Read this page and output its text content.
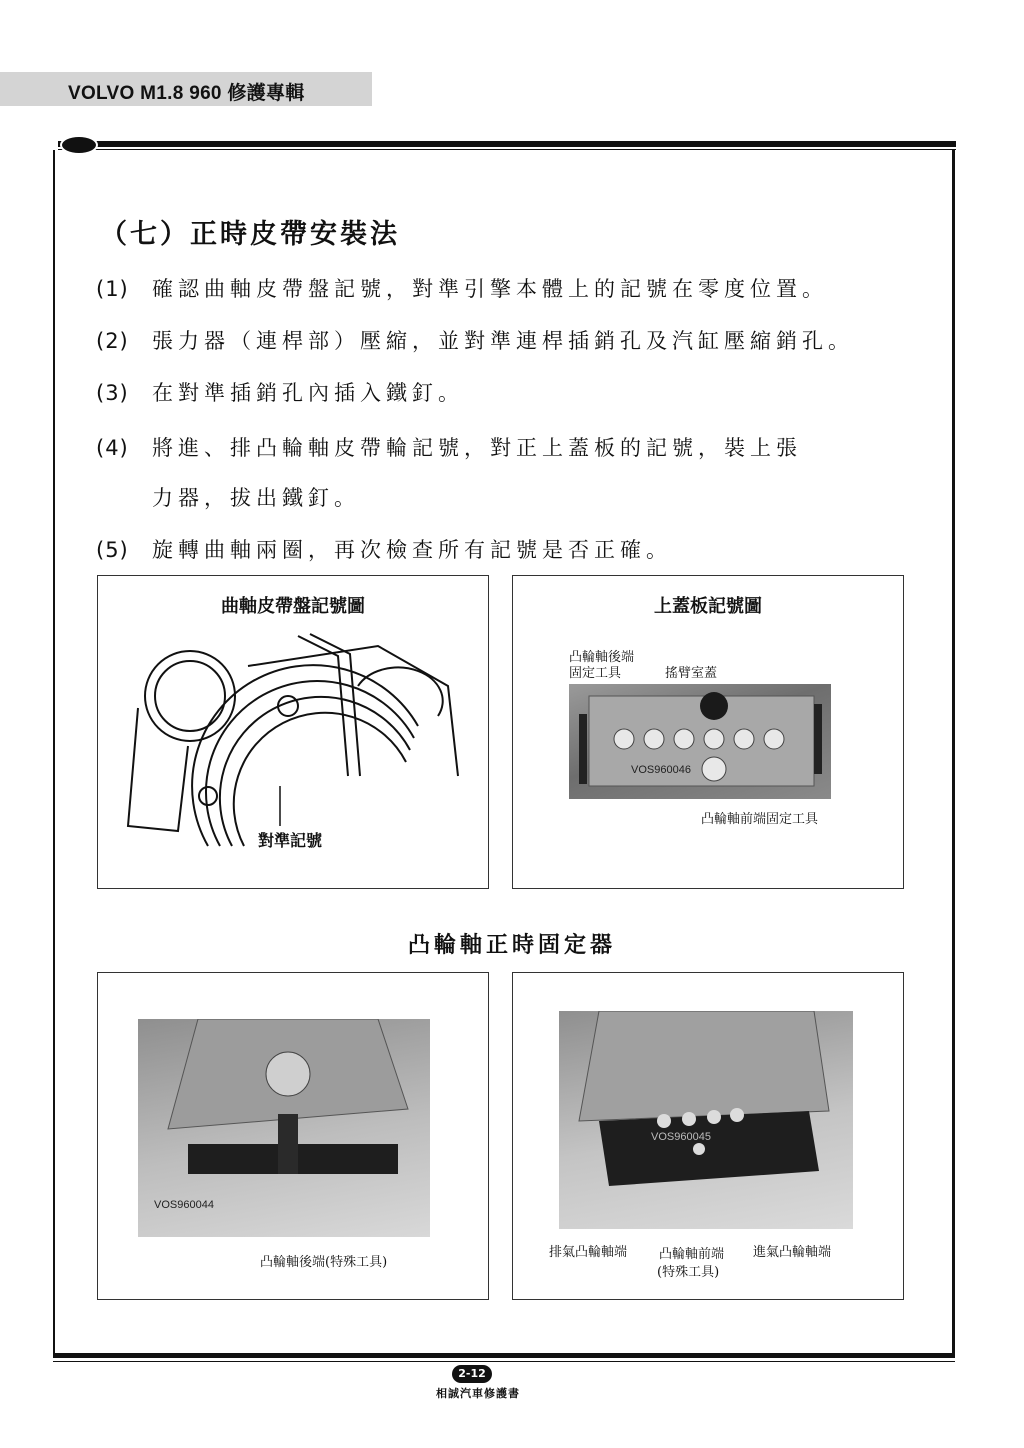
VOLVO M1.8 960 修護專輯
（七）正時皮帶安裝法
(1) 確認曲軸皮帶盤記號，對準引擎本體上的記號在零度位置。
(2) 張力器（連桿部）壓縮，並對準連桿插銷孔及汽缸壓縮銷孔。
(3) 在對準插銷孔內插入鐵釘。
(4) 將進、排凸輪軸皮帶輪記號，對正上蓋板的記號，裝上張
力器，拔出鐵釘。
(5) 旋轉曲軸兩圈，再次檢查所有記號是否正確。
曲軸皮帶盤記號圖
對準記號
上蓋板記號圖
凸輪軸後端
固定工具	搖臂室蓋
VOS960046
凸輪軸前端固定工具
凸輪軸正時固定器
VOS960044
凸輪軸後端(特殊工具)
VOS960045
排氣凸輪軸端 凸輪軸前端
(特殊工具)
進氣凸輪軸端
2-12
相誠汽車修護書
